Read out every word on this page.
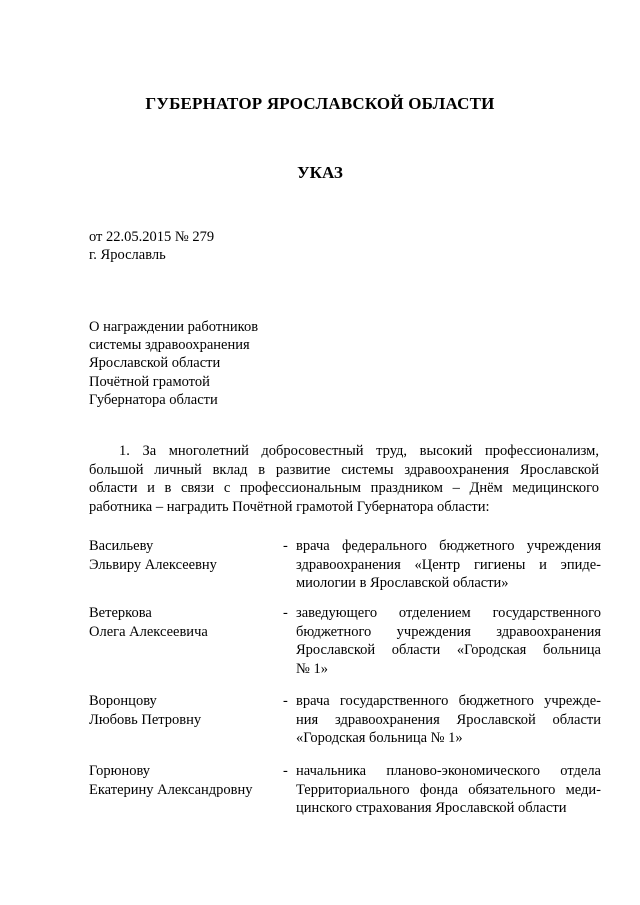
ГУБЕРНАТОР ЯРОСЛАВСКОЙ ОБЛАСТИ
УКАЗ
от 22.05.2015 № 279
г. Ярославль
О награждении работников
системы здравоохранения
Ярославской области
Почётной грамотой
Губернатора области
1. За многолетний добросовестный труд, высокий профессионализм,
большой личный вклад в развитие системы здравоохранения Ярославской
области и в связи с профессиональным праздником – Днём медицинского
работника – наградить Почётной грамотой Губернатора области:
Васильеву
Эльвиру Алексеевну
- врача федерального бюджетного учреждения
здравоохранения «Центр гигиены и эпиде-
миологии в Ярославской области»
Ветеркова
Олега Алексеевича
- заведующего отделением государственного
бюджетного учреждения здравоохранения
Ярославской области «Городская больница
№ 1»
Воронцову
Любовь Петровну
- врача государственного бюджетного учрежде-
ния здравоохранения Ярославской области
«Городская больница № 1»
Горюнову
Екатерину Александровну
- начальника планово-экономического отдела
Территориального фонда обязательного меди-
цинского страхования Ярославской области
